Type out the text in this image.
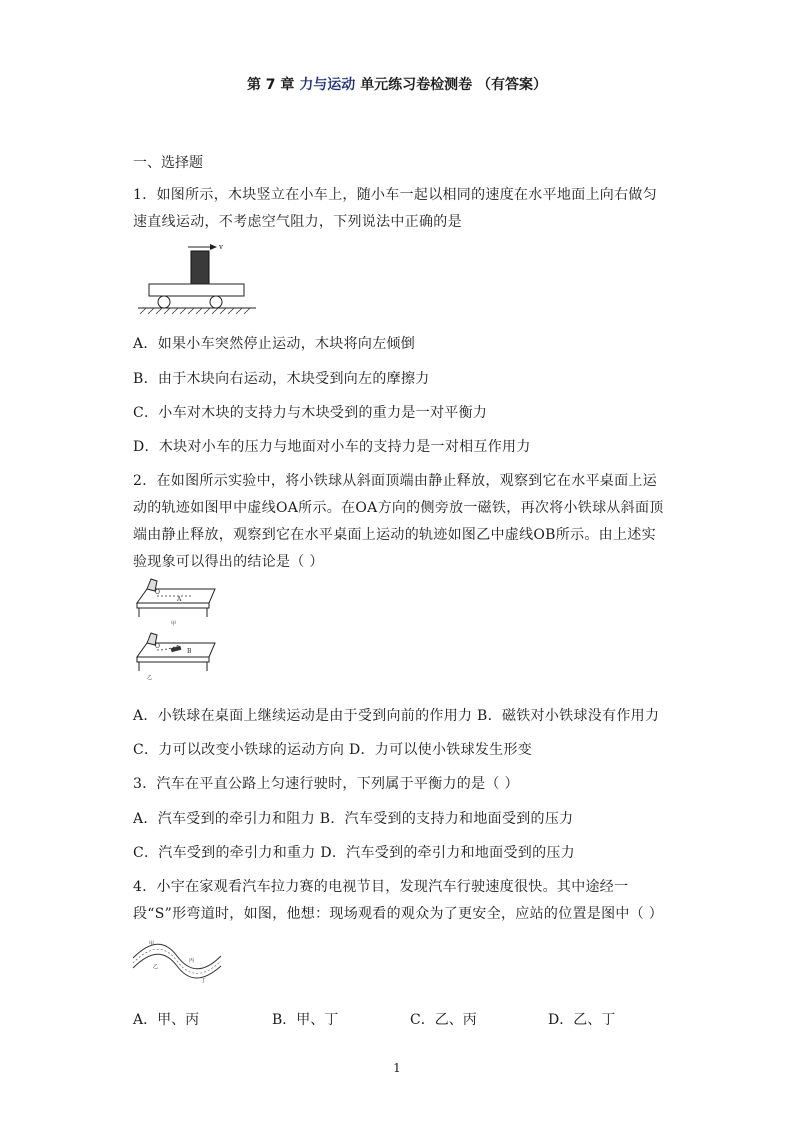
第 7 章 力与运动 单元练习卷检测卷 （有答案）
一、选择题
1．如图所示，木块竖立在小车上，随小车一起以相同的速度在水平地面上向右做匀速直线运动，不考虑空气阻力，下列说法中正确的是
v
A．如果小车突然停止运动，木块将向左倾倒
B．由于木块向右运动，木块受到向左的摩擦力
C．小车对木块的支持力与木块受到的重力是一对平衡力
D．木块对小车的压力与地面对小车的支持力是一对相互作用力
2．在如图所示实验中，将小铁球从斜面顶端由静止释放，观察到它在水平桌面上运动的轨迹如图甲中虚线OA所示。在OA方向的侧旁放一磁铁，再次将小铁球从斜面顶端由静止释放，观察到它在水平桌面上运动的轨迹如图乙中虚线OB所示。由上述实验现象可以得出的结论是（ ）
O
A
甲
O
B
乙
A．小铁球在桌面上继续运动是由于受到向前的作用力 B．磁铁对小铁球没有作用力
C．力可以改变小铁球的运动方向 D．力可以使小铁球发生形变
3．汽车在平直公路上匀速行驶时，下列属于平衡力的是（ ）
A．汽车受到的牵引力和阻力 B．汽车受到的支持力和地面受到的压力
C．汽车受到的牵引力和重力 D．汽车受到的牵引力和地面受到的压力
4．小宇在家观看汽车拉力赛的电视节目，发现汽车行驶速度很快。其中途经一段“S”形弯道时，如图，他想：现场观看的观众为了更安全，应站的位置是图中（ ）
甲
乙
丙
丁
A．甲、丙	B．甲、丁	C．乙、丙	D．乙、丁
1
